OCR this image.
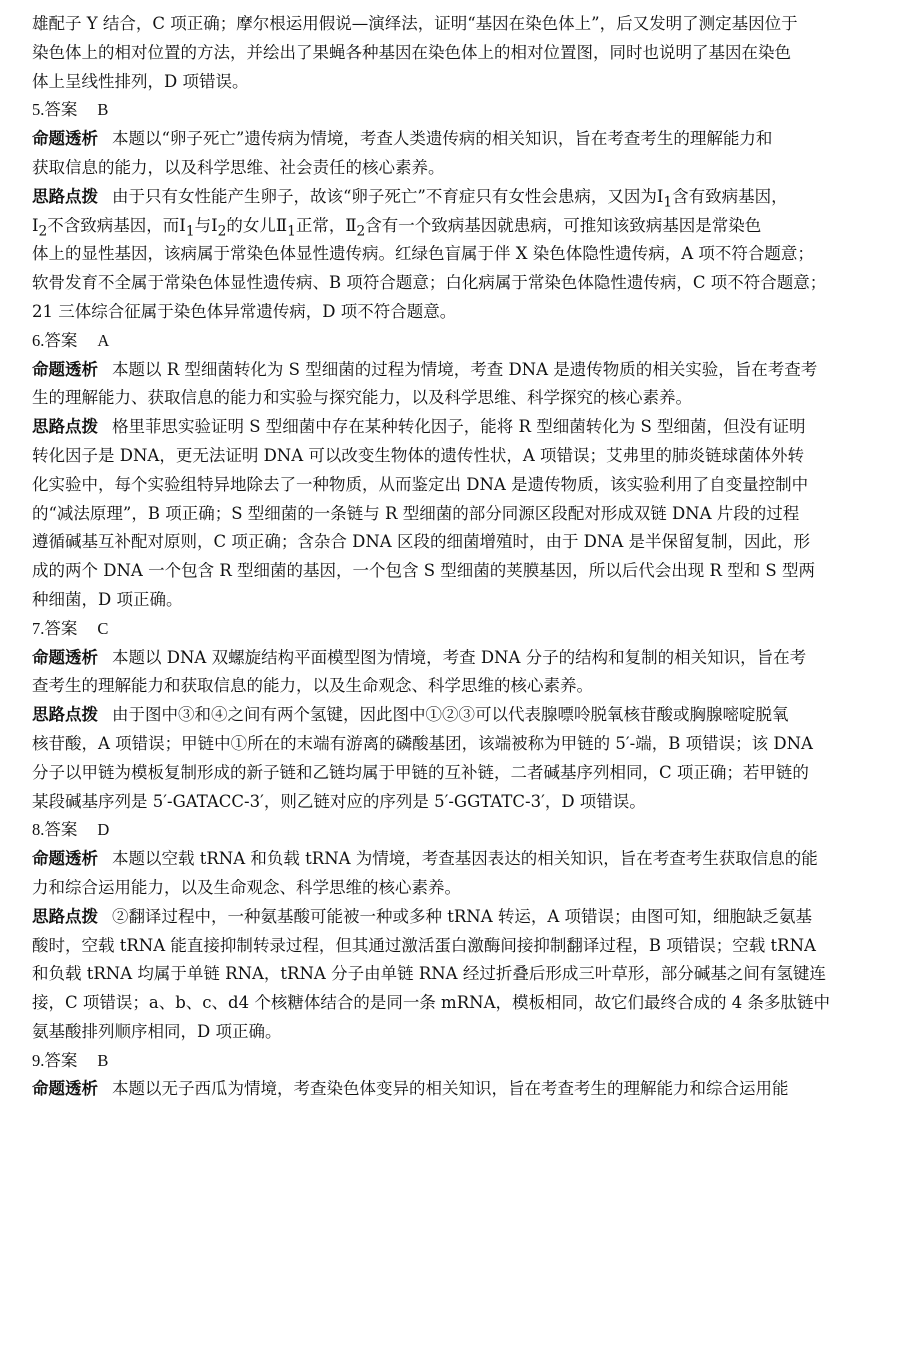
雄配子 Y 结合，C 项正确；摩尔根运用假说—演绎法，证明“基因在染色体上”，后又发明了测定基因位于
染色体上的相对位置的方法，并绘出了果蝇各种基因在染色体上的相对位置图，同时也说明了基因在染色
体上呈线性排列，D 项错误。
5.答案 B
命题透析 本题以“卵子死亡”遗传病为情境，考查人类遗传病的相关知识，旨在考查考生的理解能力和
获取信息的能力，以及科学思维、社会责任的核心素养。
思路点拨 由于只有女性能产生卵子，故该“卵子死亡”不育症只有女性会患病，又因为$Ⅰ_1$含有致病基因，
$Ⅰ_2$不含致病基因，而$Ⅰ_1$与$Ⅰ_2$的女儿$Ⅱ_1$正常，$Ⅱ_2$含有一个致病基因就患病，可推知该致病基因是常染色
体上的显性基因，该病属于常染色体显性遗传病。红绿色盲属于伴 X 染色体隐性遗传病，A 项不符合题意；
软骨发育不全属于常染色体显性遗传病、B 项符合题意；白化病属于常染色体隐性遗传病，C 项不符合题意；
21 三体综合征属于染色体异常遗传病，D 项不符合题意。
6.答案 A
命题透析 本题以 R 型细菌转化为 S 型细菌的过程为情境，考查 DNA 是遗传物质的相关实验，旨在考查考
生的理解能力、获取信息的能力和实验与探究能力，以及科学思维、科学探究的核心素养。
思路点拨 格里菲思实验证明 S 型细菌中存在某种转化因子，能将 R 型细菌转化为 S 型细菌，但没有证明
转化因子是 DNA，更无法证明 DNA 可以改变生物体的遗传性状，A 项错误；艾弗里的肺炎链球菌体外转
化实验中，每个实验组特异地除去了一种物质，从而鉴定出 DNA 是遗传物质，该实验利用了自变量控制中
的“减法原理”，B 项正确；S 型细菌的一条链与 R 型细菌的部分同源区段配对形成双链 DNA 片段的过程
遵循碱基互补配对原则，C 项正确；含杂合 DNA 区段的细菌增殖时，由于 DNA 是半保留复制，因此，形
成的两个 DNA 一个包含 R 型细菌的基因，一个包含 S 型细菌的荚膜基因，所以后代会出现 R 型和 S 型两
种细菌，D 项正确。
7.答案 C
命题透析 本题以 DNA 双螺旋结构平面模型图为情境，考查 DNA 分子的结构和复制的相关知识，旨在考
查考生的理解能力和获取信息的能力，以及生命观念、科学思维的核心素养。
思路点拨 由于图中③和④之间有两个氢键，因此图中①②③可以代表腺嘌呤脱氧核苷酸或胸腺嘧啶脱氧
核苷酸，A 项错误；甲链中①所在的末端有游离的磷酸基团，该端被称为甲链的 5′-端，B 项错误；该 DNA
分子以甲链为模板复制形成的新子链和乙链均属于甲链的互补链，二者碱基序列相同，C 项正确；若甲链的
某段碱基序列是 5′-GATACC-3′，则乙链对应的序列是 5′-GGTATC-3′，D 项错误。
8.答案 D
命题透析 本题以空载 tRNA 和负载 tRNA 为情境，考查基因表达的相关知识，旨在考查考生获取信息的能
力和综合运用能力，以及生命观念、科学思维的核心素养。
思路点拨 ②翻译过程中，一种氨基酸可能被一种或多种 tRNA 转运，A 项错误；由图可知，细胞缺乏氨基
酸时，空载 tRNA 能直接抑制转录过程，但其通过激活蛋白激酶间接抑制翻译过程，B 项错误；空载 tRNA
和负载 tRNA 均属于单链 RNA，tRNA 分子由单链 RNA 经过折叠后形成三叶草形，部分碱基之间有氢键连
接，C 项错误；a、b、c、d4 个核糖体结合的是同一条 mRNA，模板相同，故它们最终合成的 4 条多肽链中
氨基酸排列顺序相同，D 项正确。
9.答案 B
命题透析 本题以无子西瓜为情境，考查染色体变异的相关知识，旨在考查考生的理解能力和综合运用能
